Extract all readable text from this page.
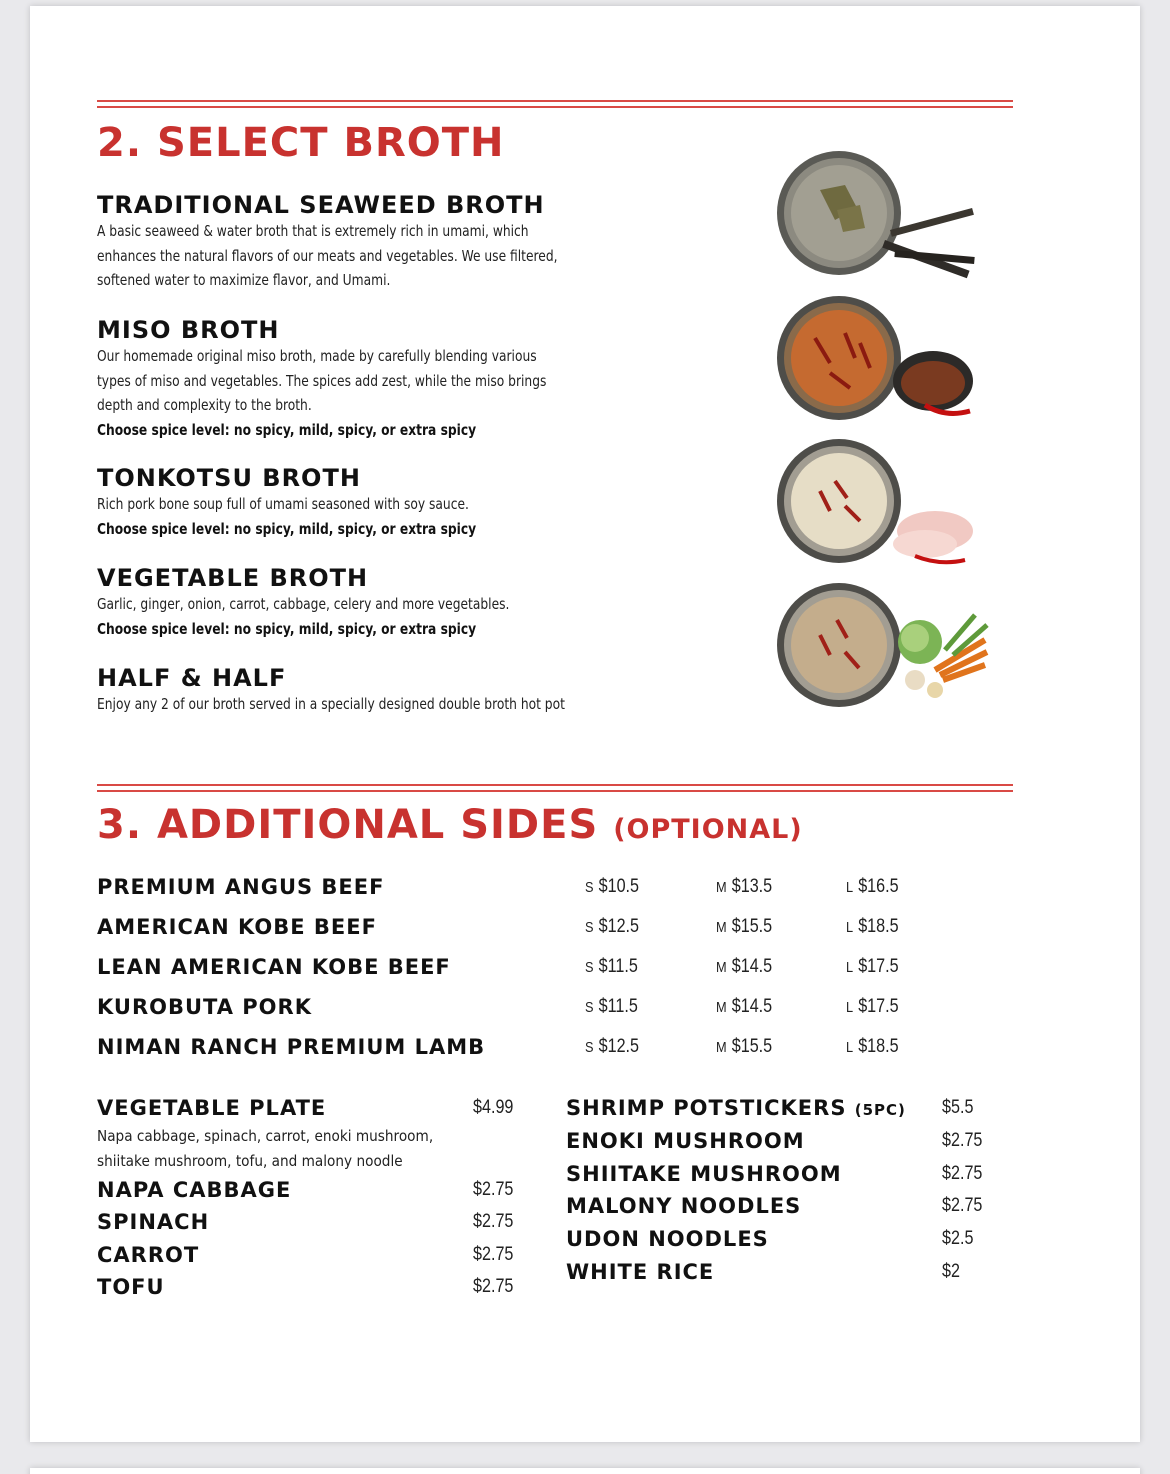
2. SELECT BROTH
TRADITIONAL SEAWEED BROTH

A basic seaweed & water broth that is extremely rich in umami, which

enhances the natural flavors of our meats and vegetables. We use filtered,

softened water to maximize flavor, and Umami.

MISO BROTH

Our homemade original miso broth, made by carefully blending various

types of miso and vegetables. The spices add zest, while the miso brings

depth and complexity to the broth.

Choose spice level: no spicy, mild, spicy, or extra spicy

TONKOTSU BROTH

Rich pork bone soup full of umami seasoned with soy sauce.

Choose spice level: no spicy, mild, spicy, or extra spicy

VEGETABLE BROTH

Garlic, ginger, onion, carrot, cabbage, celery and more vegetables.

Choose spice level: no spicy, mild, spicy, or extra spicy

HALF & HALF

Enjoy any 2 of our broth served in a specially designed double broth hot pot

3. ADDITIONAL SIDES (OPTIONAL)
PREMIUM ANGUS BEEF	S $10.5	M $13.5	L $16.5
AMERICAN KOBE BEEF	S $12.5	M $15.5	L $18.5
LEAN AMERICAN KOBE BEEF	S $11.5	M $14.5	L $17.5
KUROBUTA PORK	S $11.5	M $14.5	L $17.5
NIMAN RANCH PREMIUM LAMB	S $12.5	M $15.5	L $18.5
VEGETABLE PLATE	$4.99
Napa cabbage, spinach, carrot, enoki mushroom,
shiitake mushroom, tofu, and malony noodle
NAPA CABBAGE	$2.75
SPINACH	$2.75
CARROT	$2.75
TOFU	$2.75
SHRIMP POTSTICKERS (5PC) $5.5
ENOKI MUSHROOM	$2.75
SHIITAKE MUSHROOM	$2.75
MALONY NOODLES	$2.75
UDON NOODLES	$2.5
WHITE RICE	$2
